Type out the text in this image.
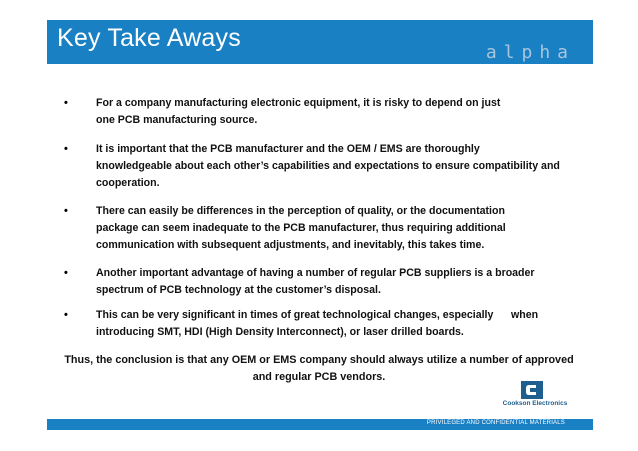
Key Take Aways
alpha
•	For a company manufacturing electronic equipment, it is risky to depend on just
one PCB manufacturing source.
•	It is important that the PCB manufacturer and the OEM / EMS are thoroughly
knowledgeable about each other’s capabilities and expectations to ensure compatibility and
cooperation.
•	There can easily be differences in the perception of quality, or the documentation
package can seem inadequate to the PCB manufacturer, thus requiring additional
communication with subsequent adjustments, and inevitably, this takes time.
•	Another important advantage of having a number of regular PCB suppliers is a broader
spectrum of PCB technology at the customer’s disposal.
•	This can be very significant in times of great technological changes, especially      when
introducing SMT, HDI (High Density Interconnect), or laser drilled boards.
Thus, the conclusion is that any OEM or EMS company should always utilize a number of approved
and regular PCB vendors.
Cookson Electronics
PRIVILEGED AND CONFIDENTIAL MATERIALS
